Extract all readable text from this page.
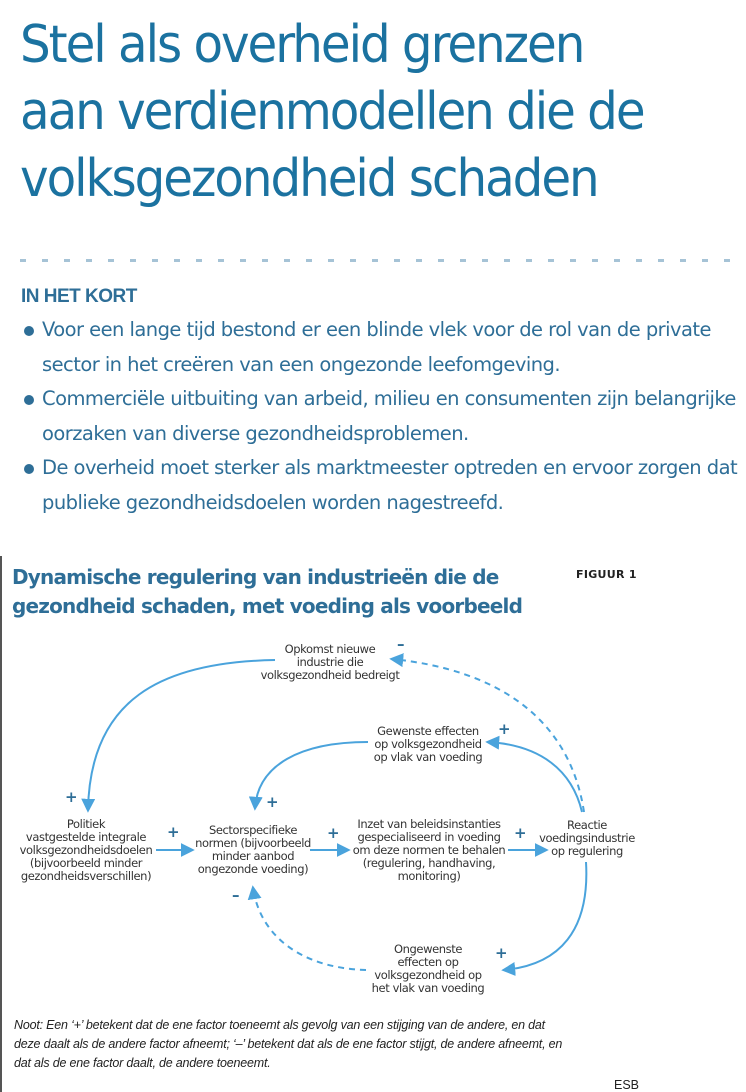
Stel als overheid grenzen
aan verdienmodellen die de
volksgezondheid schaden
IN HET KORT
Voor een lange tijd bestond er een blinde vlek voor de rol van de private sector in het creëren van een ongezonde leefomgeving.
Commerciële uitbuiting van arbeid, milieu en consumenten zijn belangrijke oorzaken van diverse gezondheidsproblemen.
De overheid moet sterker als marktmeester optreden en ervoor zorgen dat publieke gezondheidsdoelen worden nagestreefd.
Dynamische regulering van industrieën die de gezondheid schaden, met voeding als voorbeeld
FIGUUR 1
Opkomst nieuwe
industrie die
volksgezondheid bedreigt
Gewenste effecten
op volksgezondheid
op vlak van voeding
Politiek
vastgestelde integrale
volksgezondheidsdoelen
(bijvoorbeeld minder
gezondheidsverschillen)
Sectorspecifieke
normen (bijvoorbeeld
minder aanbod
ongezonde voeding)
Inzet van beleidsinstanties
gespecialiseerd in voeding
om deze normen te behalen
(regulering, handhaving,
monitoring)
Reactie
voedingsindustrie
op regulering
Ongewenste
effecten op
volksgezondheid op
het vlak van voeding
–
+
+	+
+
–
+	+
+

Noot: Een ‘+’ betekent dat de ene factor toeneemt als gevolg van een stijging van de andere, en dat deze daalt als de andere factor afneemt; ‘–’ betekent dat als de ene factor stijgt, de andere afneemt, en dat als de ene factor daalt, de andere toeneemt.

ESB
